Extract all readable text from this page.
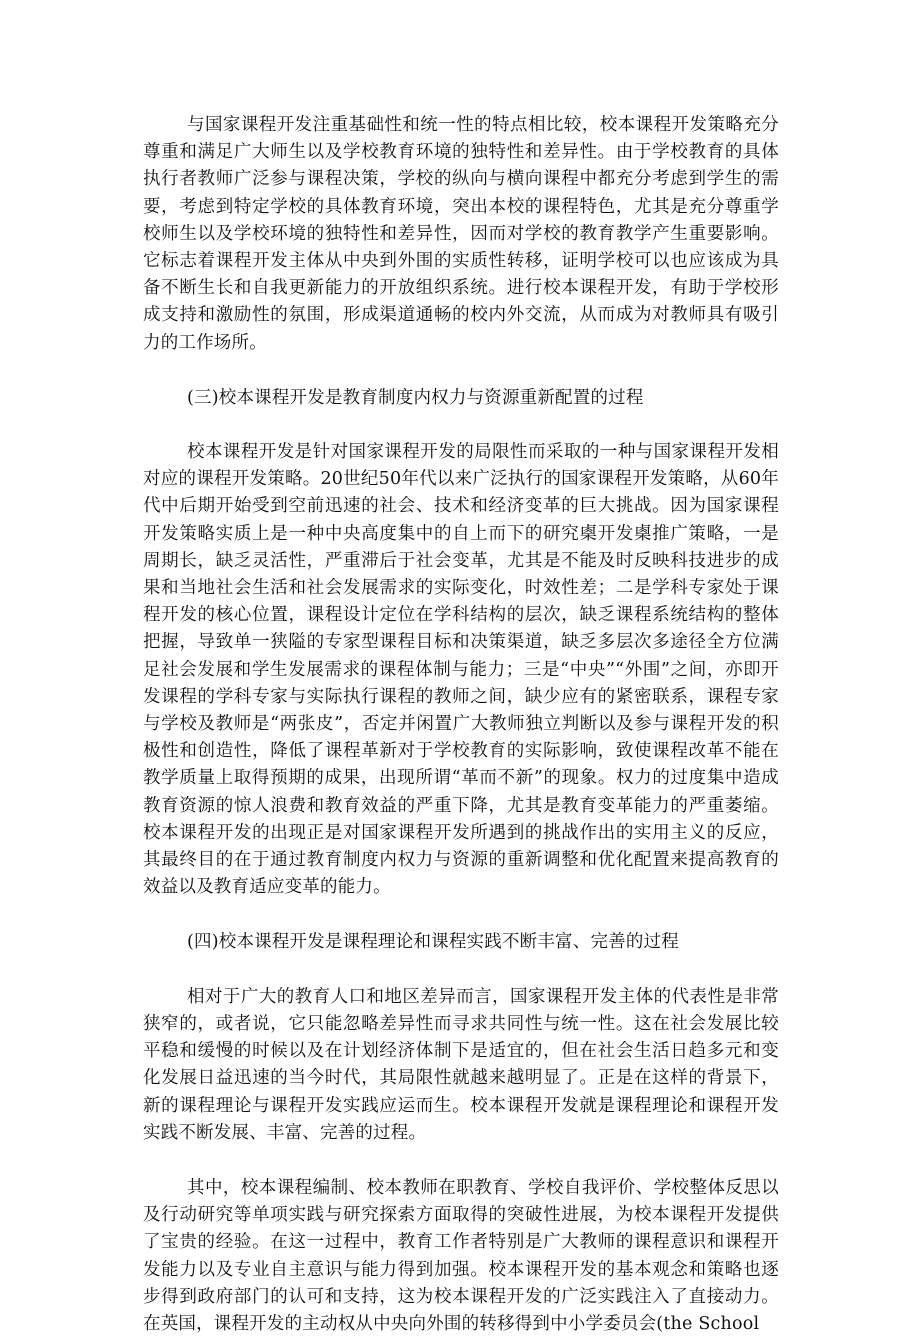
与国家课程开发注重基础性和统一性的特点相比较，校本课程开发策略充分尊重和满足广大师生以及学校教育环境的独特性和差异性。由于学校教育的具体执行者教师广泛参与课程决策，学校的纵向与横向课程中都充分考虑到学生的需要，考虑到特定学校的具体教育环境，突出本校的课程特色，尤其是充分尊重学校师生以及学校环境的独特性和差异性，因而对学校的教育教学产生重要影响。它标志着课程开发主体从中央到外围的实质性转移，证明学校可以也应该成为具备不断生长和自我更新能力的开放组织系统。进行校本课程开发，有助于学校形成支持和激励性的氛围，形成渠道通畅的校内外交流，从而成为对教师具有吸引力的工作场所。

(三)校本课程开发是教育制度内权力与资源重新配置的过程

校本课程开发是针对国家课程开发的局限性而采取的一种与国家课程开发相对应的课程开发策略。20世纪50年代以来广泛执行的国家课程开发策略，从60年代中后期开始受到空前迅速的社会、技术和经济变革的巨大挑战。因为国家课程开发策略实质上是一种中央高度集中的自上而下的研究㮚开发㮚推广策略，一是周期长，缺乏灵活性，严重滞后于社会变革，尤其是不能及时反映科技进步的成果和当地社会生活和社会发展需求的实际变化，时效性差；二是学科专家处于课程开发的核心位置，课程设计定位在学科结构的层次，缺乏课程系统结构的整体把握，导致单一狭隘的专家型课程目标和决策渠道，缺乏多层次多途径全方位满足社会发展和学生发展需求的课程体制与能力；三是“中央”“外围”之间，亦即开发课程的学科专家与实际执行课程的教师之间，缺少应有的紧密联系，课程专家与学校及教师是“两张皮”，否定并闲置广大教师独立判断以及参与课程开发的积极性和创造性，降低了课程革新对于学校教育的实际影响，致使课程改革不能在教学质量上取得预期的成果，出现所谓“革而不新”的现象。权力的过度集中造成教育资源的惊人浪费和教育效益的严重下降，尤其是教育变革能力的严重萎缩。校本课程开发的出现正是对国家课程开发所遇到的挑战作出的实用主义的反应，其最终目的在于通过教育制度内权力与资源的重新调整和优化配置来提高教育的效益以及教育适应变革的能力。

(四)校本课程开发是课程理论和课程实践不断丰富、完善的过程

相对于广大的教育人口和地区差异而言，国家课程开发主体的代表性是非常狭窄的，或者说，它只能忽略差异性而寻求共同性与统一性。这在社会发展比较平稳和缓慢的时候以及在计划经济体制下是适宜的，但在社会生活日趋多元和变化发展日益迅速的当今时代，其局限性就越来越明显了。正是在这样的背景下，新的课程理论与课程开发实践应运而生。校本课程开发就是课程理论和课程开发实践不断发展、丰富、完善的过程。

其中，校本课程编制、校本教师在职教育、学校自我评价、学校整体反思以及行动研究等单项实践与研究探索方面取得的突破性进展，为校本课程开发提供了宝贵的经验。在这一过程中，教育工作者特别是广大教师的课程意识和课程开发能力以及专业自主意识与能力得到加强。校本课程开发的基本观念和策略也逐步得到政府部门的认可和支持，这为校本课程开发的广泛实践注入了直接动力。在英国，课程开发的主动权从中央向外围的转移得到中小学委员会(the School
